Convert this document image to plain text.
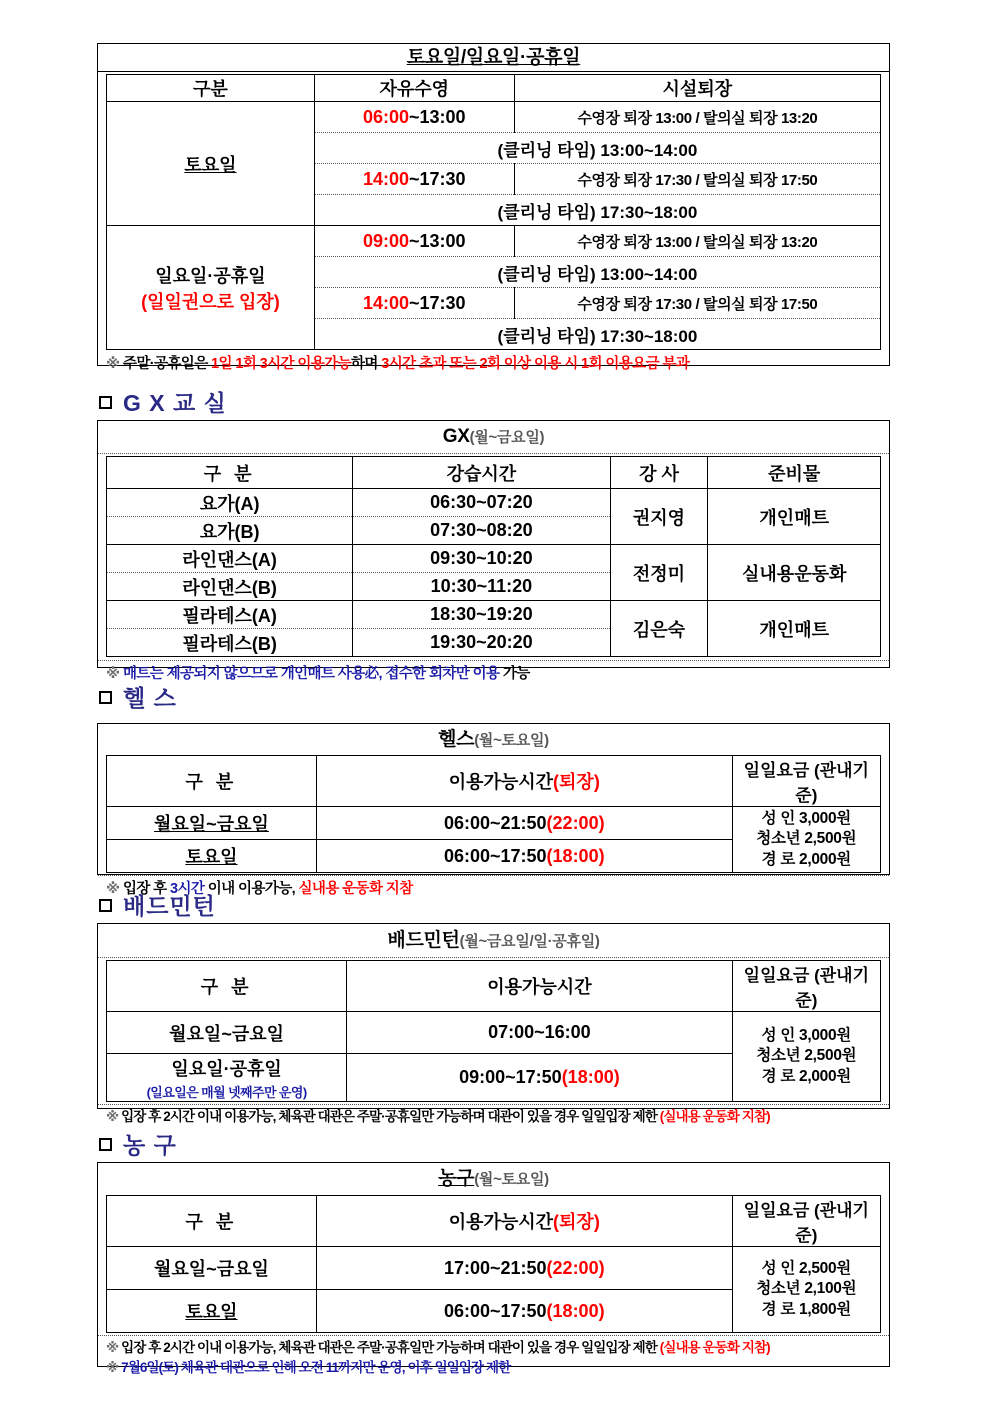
토요일/일요일·공휴일
구분	자유수영	시설퇴장
토요일	06:00~13:00	수영장 퇴장 13:00 / 탈의실 퇴장 13:20
	(클리닝 타임) 13:00~14:00	
	14:00~17:30	수영장 퇴장 17:30 / 탈의실 퇴장 17:50
	(클리닝 타임) 17:30~18:00	
일요일·공휴일
(일일권으로 입장)	09:00~13:00	수영장 퇴장 13:00 / 탈의실 퇴장 13:20
	(클리닝 타임) 13:00~14:00	
	14:00~17:30	수영장 퇴장 17:30 / 탈의실 퇴장 17:50
	(클리닝 타임) 17:30~18:00	
※ 주말·공휴일은 1일 1회 3시간 이용가능하며 3시간 초과 또는 2회 이상 이용 시 1회 이용요금 부과
G X 교 실
GX(월~금요일)
구 분	강습시간	강 사	준비물
요가(A)	06:30~07:20	권지영	개인매트
요가(B)	07:30~08:20		
라인댄스(A)	09:30~10:20	전정미	실내용운동화
라인댄스(B)	10:30~11:20		
필라테스(A)	18:30~19:20	김은숙	개인매트
필라테스(B)	19:30~20:20		
※ 매트는 제공되지 않으므로 개인매트 사용必, 접수한 회차만 이용 가능
헬 스
헬스(월~토요일)
구 분	이용가능시간(퇴장)	일일요금 (관내기준)
월요일~금요일	06:00~21:50(22:00)	성 인 3,000원
청소년 2,500원
경 로 2,000원

토요일	06:00~17:50(18:00)	
※ 입장 후 3시간 이내 이용가능, 실내용 운동화 지참
배드민턴
배드민턴(월~금요일/일·공휴일)
구 분	이용가능시간	일일요금 (관내기준)
월요일~금요일	07:00~16:00	성 인 3,000원
청소년 2,500원
경 로 2,000원

일요일·공휴일
(일요일은 매월 넷째주만 운영)	09:00~17:50(18:00)	
※ 입장 후 2시간 이내 이용가능, 체육관 대관은 주말·공휴일만 가능하며 대관이 있을 경우 일일입장 제한 (실내용 운동화 지참)
농 구
농구(월~토요일)
구 분	이용가능시간(퇴장)	일일요금 (관내기준)
월요일~금요일	17:00~21:50(22:00)	성 인 2,500원
청소년 2,100원
경 로 1,800원

토요일	06:00~17:50(18:00)	
※ 입장 후 2시간 이내 이용가능, 체육관 대관은 주말·공휴일만 가능하며 대관이 있을 경우 일일입장 제한 (실내용 운동화 지참)
※ 7월6일(토) 체육관 대관으로 인해 오전 11까지만 운영, 이후 일일입장 제한
